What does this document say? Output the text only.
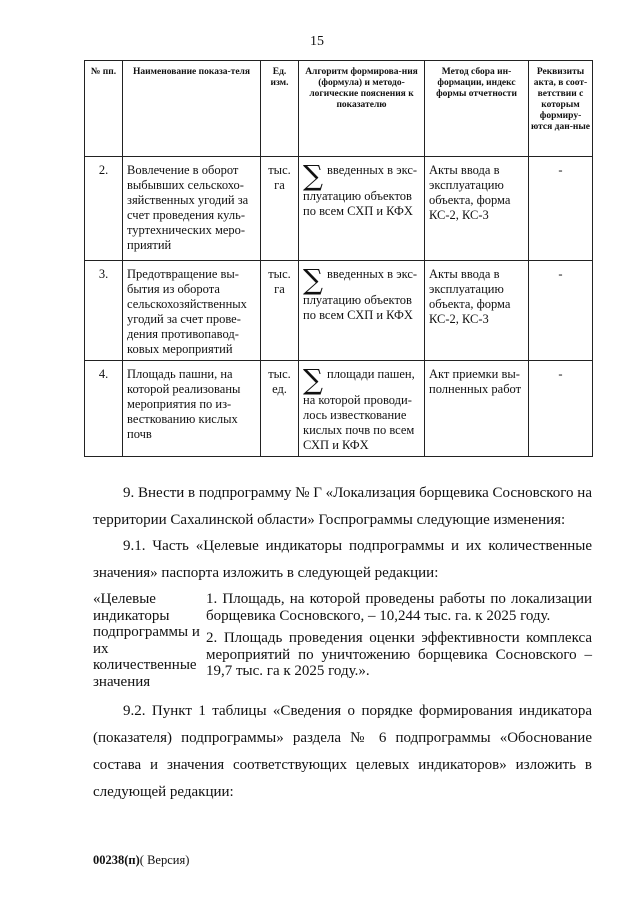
15
№ пп.	Наименование показа-теля	Ед. изм.	Алгоритм формирова-ния (формула) и методо-логические пояснения к показателю	Метод сбора ин-формации, индекс формы отчетности	Реквизиты акта, в соот-ветствии с которым формиру-ются дан-ные
2.	Вовлечение в оборот выбывших сельскохо-зяйственных угодий за счет проведения куль-туртехнических меро-приятий	тыс. га	∑ введенных в экс-плуатацию объектов по всем СХП и КФХ	Акты ввода в эксплуатацию объекта, форма КС-2, КС-3	-
3.	Предотвращение вы-бытия из оборота сельскохозяйственных угодий за счет прове-дения противопавод-ковых мероприятий	тыс. га	∑ введенных в экс-плуатацию объектов по всем СХП и КФХ	Акты ввода в эксплуатацию объекта, форма КС-2, КС-3	-
4.	Площадь пашни, на которой реализованы мероприятия по из-весткованию кислых почв	тыс. ед.	∑ площади пашен, на которой проводи-лось известкование кислых почв по всем СХП и КФХ	Акт приемки вы-полненных работ	-
9. Внести в подпрограмму № Г «Локализация борщевика Сосновского на территории Сахалинской области» Госпрограммы следующие изменения:
9.1. Часть «Целевые индикаторы подпрограммы и их количественные значения» паспорта изложить в следующей редакции:
«Целевые индикаторы подпрограммы и их количественные значения

1. Площадь, на которой проведены работы по локализации борщевика Сосновского, – 10,244 тыс. га. к 2025 году.

2. Площадь проведения оценки эффективности комплекса мероприятий по уничтожению борщевика Сосновского – 19,7 тыс. га к 2025 году.».

9.2. Пункт 1 таблицы «Сведения о порядке формирования индикатора (показателя) подпрограммы» раздела № 6 подпрограммы «Обоснование состава и значения соответствующих целевых индикаторов» изложить в следующей редакции:
00238(п)( Версия)
